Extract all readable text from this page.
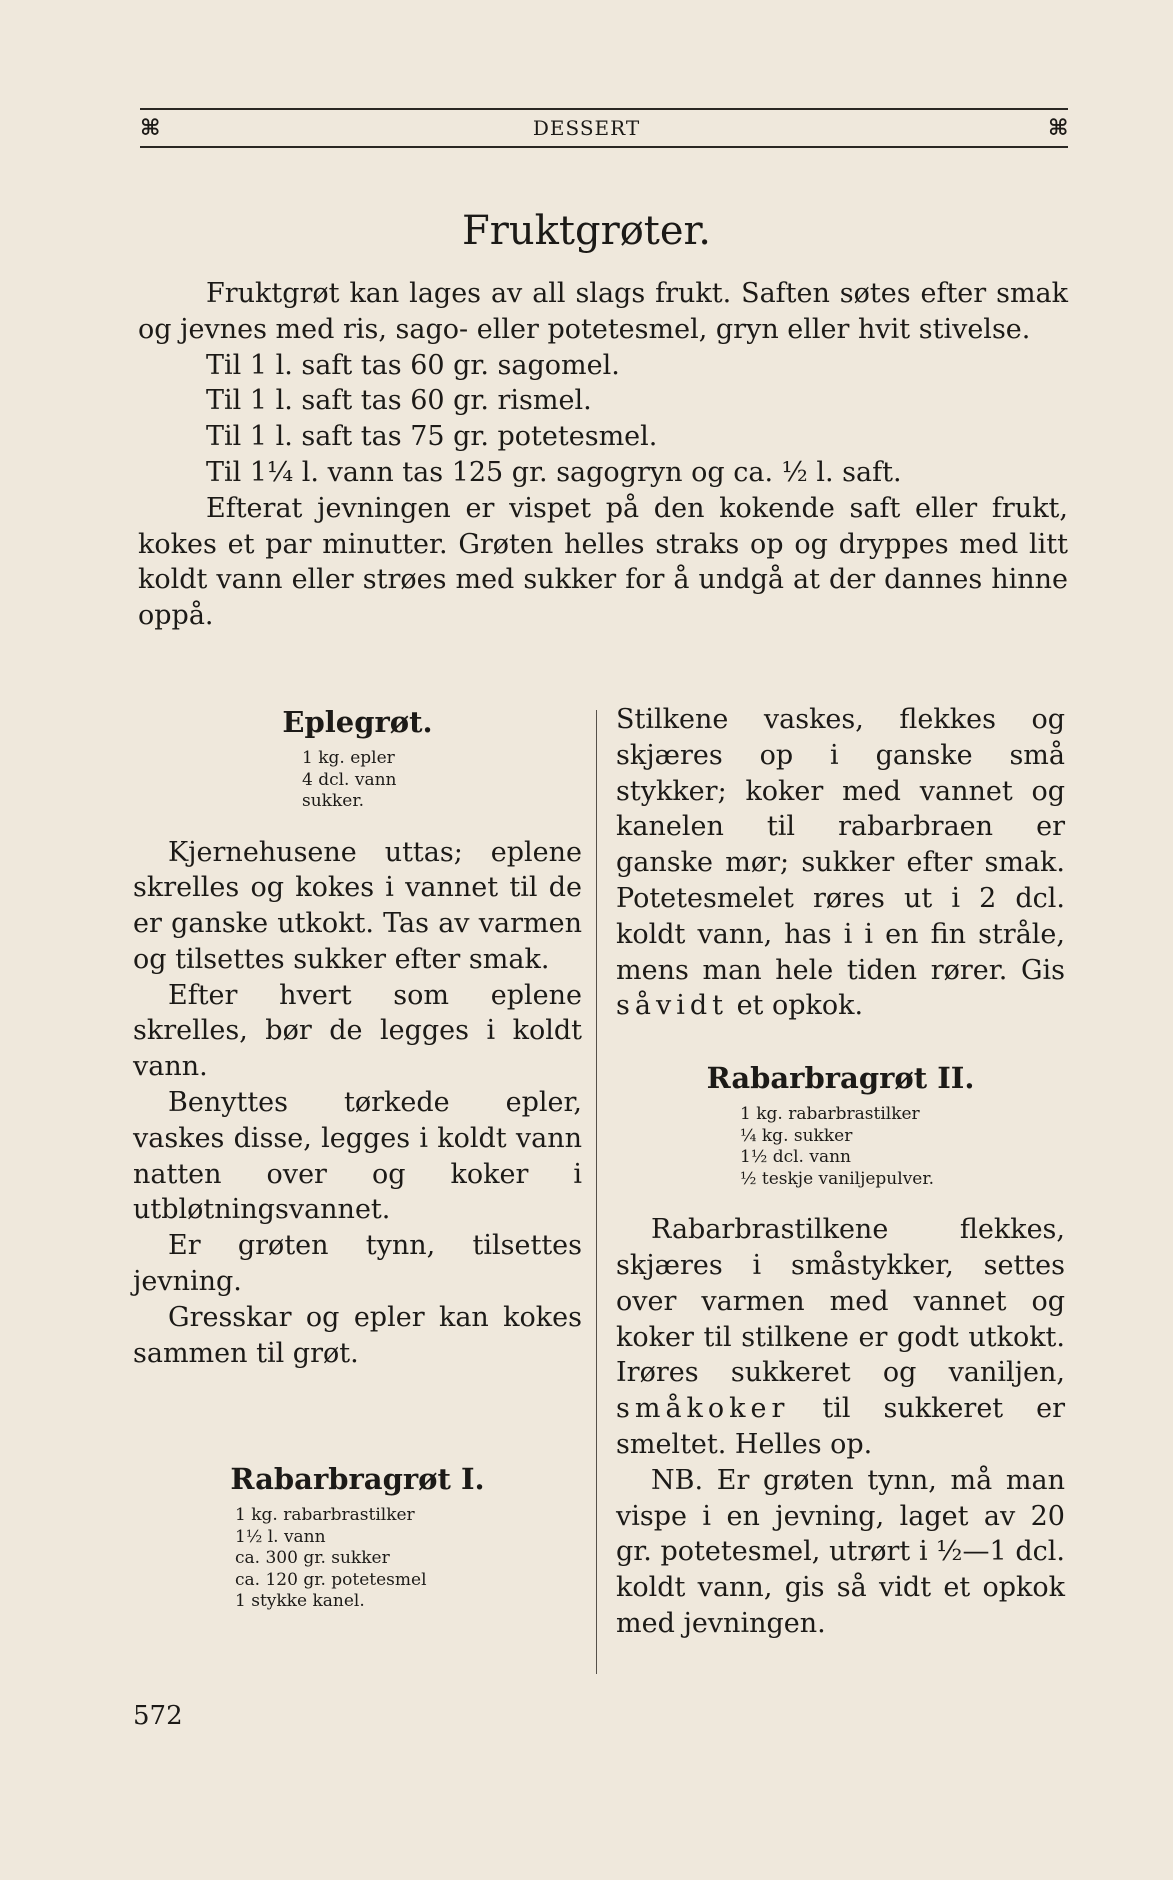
⌘	DESSERT	⌘
Fruktgrøter.

Fruktgrøt kan lages av all slags frukt. Saften søtes efter smak og jevnes med ris, sago- eller potetesmel, gryn eller hvit stivelse.

Til 1 l. saft tas 60 gr. sagomel.

Til 1 l. saft tas 60 gr. rismel.

Til 1 l. saft tas 75 gr. potetesmel.

Til 1¼ l. vann tas 125 gr. sagogryn og ca. ½ l. saft.

Efterat jevningen er vispet på den kokende saft eller frukt, kokes et par minutter. Grøten helles straks op og dryppes med litt koldt vann eller strøes med sukker for å undgå at der dannes hinne oppå.

Eplegrøt.
1 kg. epler
4 dcl. vann
sukker.

Kjernehusene uttas; eplene skrelles og kokes i vannet til de er ganske utkokt. Tas av varmen og tilsettes sukker efter smak.

Efter hvert som eplene skrelles, bør de legges i koldt vann.

Benyttes tørkede epler, vaskes disse, legges i koldt vann natten over og koker i utbløtningsvannet.

Er grøten tynn, tilsettes jevning.

Gresskar og epler kan kokes sammen til grøt.

Rabarbragrøt I.
1 kg. rabarbrastilker
1½ l. vann
ca. 300 gr. sukker
ca. 120 gr. potetesmel
1 stykke kanel.

Stilkene vaskes, flekkes og skjæres op i ganske små stykker; koker med vannet og kanelen til rabarbraen er ganske mør; sukker efter smak. Potetesmelet røres ut i 2 dcl. koldt vann, has i i en fin stråle, mens man hele tiden rører. Gis såvidt et opkok.

Rabarbragrøt II.
1 kg. rabarbrastilker
¼ kg. sukker
1½ dcl. vann
½ teskje vaniljepulver.

Rabarbrastilkene flekkes, skjæres i småstykker, settes over varmen med vannet og koker til stilkene er godt utkokt. Irøres sukkeret og vaniljen, småkoker til sukkeret er smeltet. Helles op.

NB. Er grøten tynn, må man vispe i en jevning, laget av 20 gr. potetesmel, utrørt i ½—1 dcl. koldt vann, gis så vidt et opkok med jevningen.

572
